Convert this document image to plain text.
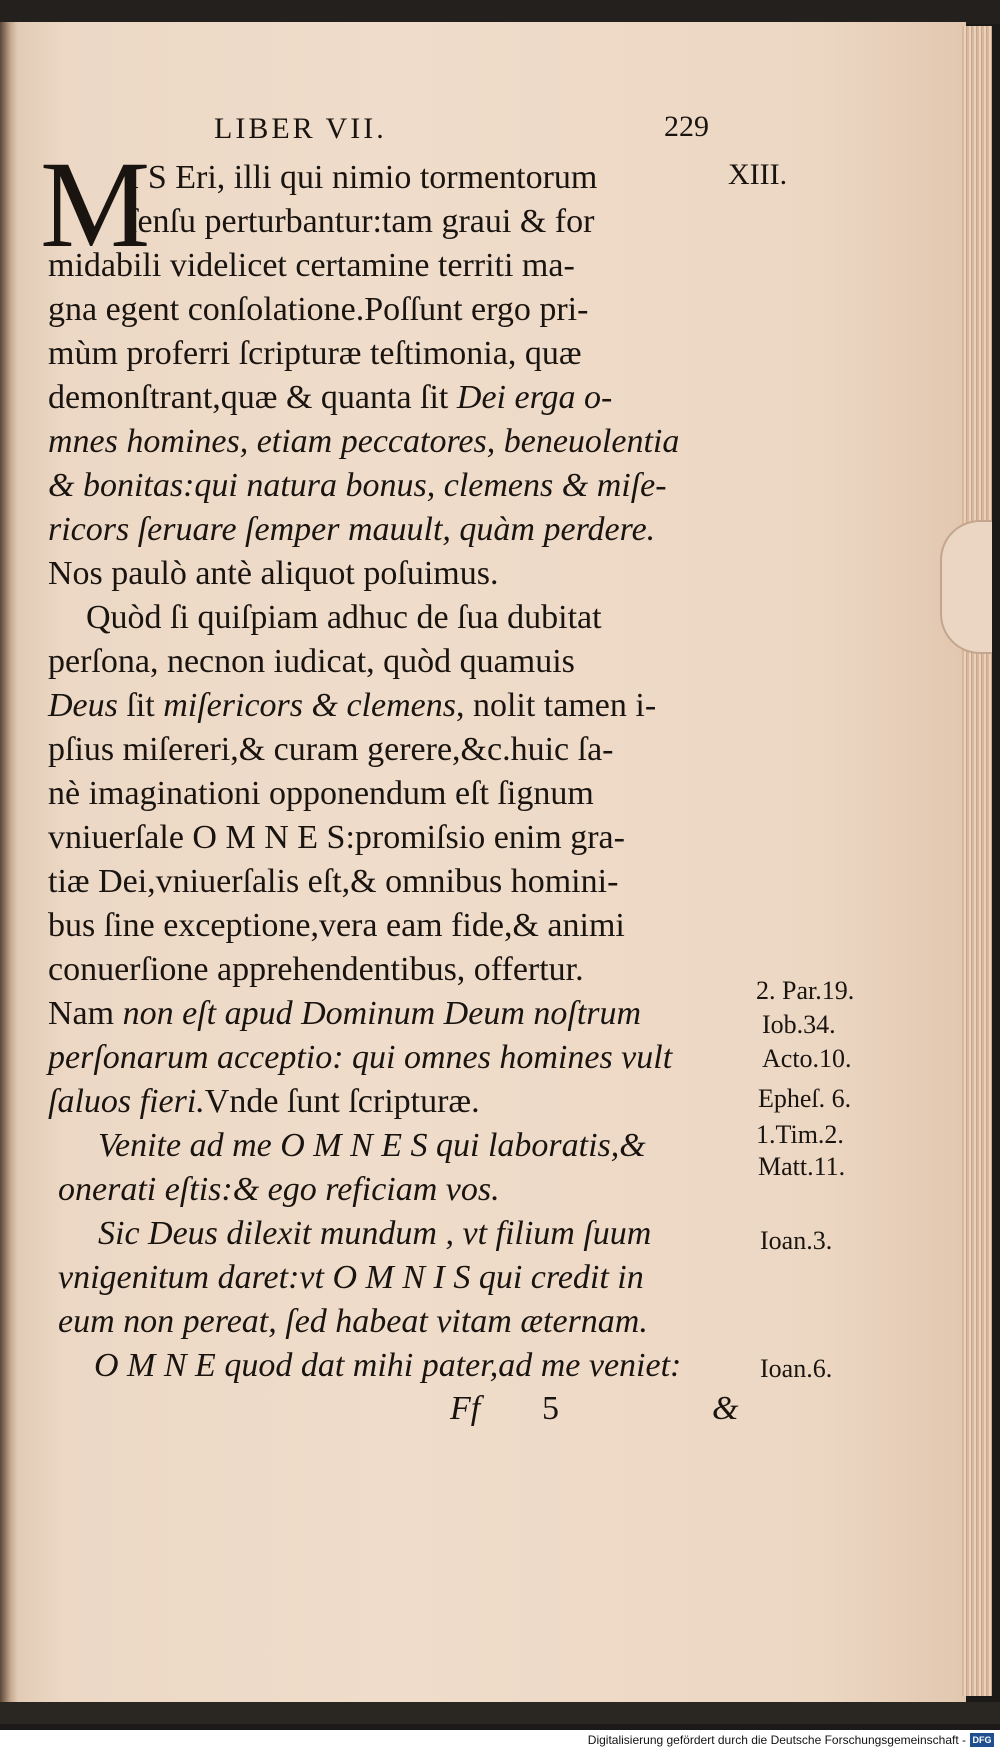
LIBER VII.	229
XIII.
M
I S Eri, illi qui nimio tormentorum
ſenſu perturbantur:tam graui & for
midabili videlicet certamine territi ma-
gna egent conſolatione.Poſſunt ergo pri-
mùm proferri ſcripturæ teſtimonia, quæ
demonſtrant,quæ & quanta ſit Dei erga o-
mnes homines, etiam peccatores, beneuolentia
& bonitas:qui natura bonus, clemens & miſe-
ricors ſeruare ſemper mauult, quàm perdere.
Nos paulò antè aliquot poſuimus.
Quòd ſi quiſpiam adhuc de ſua dubitat
perſona, necnon iudicat, quòd quamuis
Deus ſit miſericors & clemens, nolit tamen i-
pſius miſereri,& curam gerere,&c.huic ſa-
nè imaginationi opponendum eſt ſignum
vniuerſale O M N E S:promiſsio enim gra-
tiæ Dei,vniuerſalis eſt,& omnibus homini-
bus ſine exceptione,vera eam fide,& animi
conuerſione apprehendentibus, offertur.
Nam non eſt apud Dominum Deum noſtrum
perſonarum acceptio: qui omnes homines vult
ſaluos fieri.Vnde ſunt ſcripturæ.
Venite ad me O M N E S qui laboratis,&
onerati eſtis:& ego reficiam vos.
Sic Deus dilexit mundum , vt filium ſuum
vnigenitum daret:vt O M N I S qui credit in
eum non pereat, ſed habeat vitam æternam.
O M N E quod dat mihi pater,ad me veniet:
2. Par.19.
Iob.34.
Acto.10.
Epheſ. 6.
1.Tim.2.
Matt.11.
Ioan.3.
Ioan.6.
Ff 5	&
Digitalisierung gefördert durch die Deutsche Forschungsgemeinschaft - DFG
